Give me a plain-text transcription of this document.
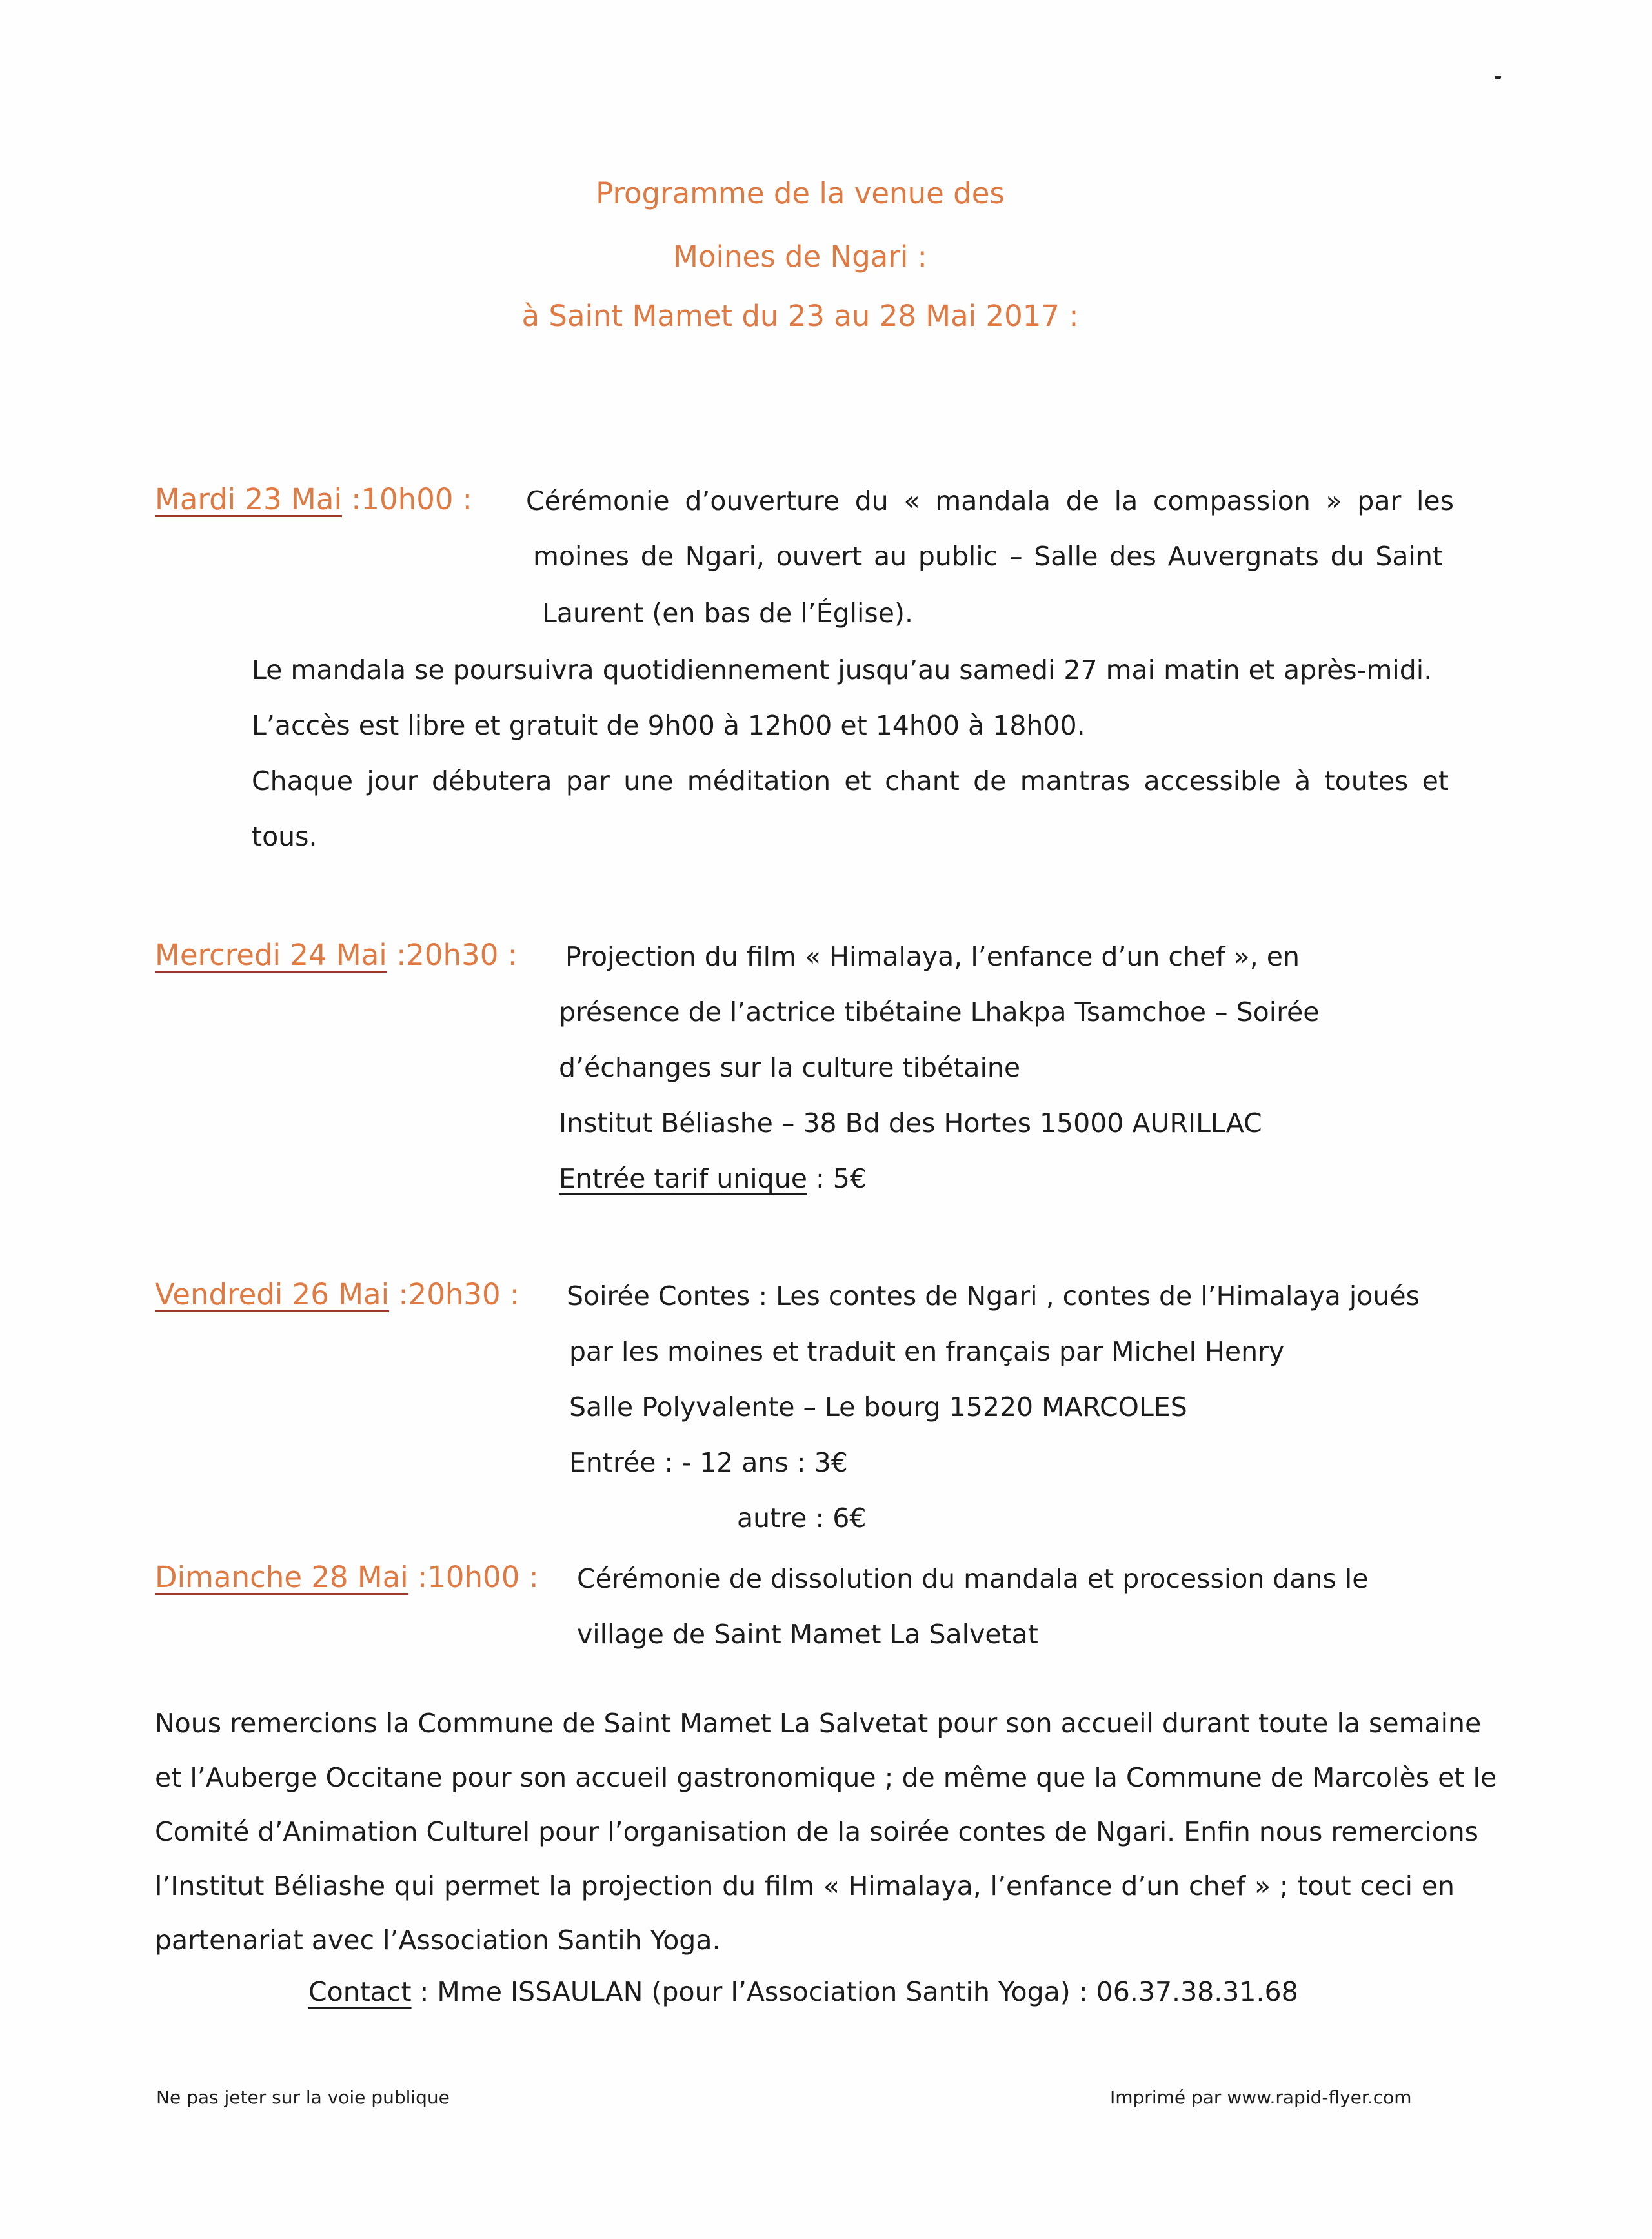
Programme de la venue des
Moines de Ngari :
à Saint Mamet du 23 au 28 Mai 2017 :
Mardi 23 Mai :10h00 : Cérémonie d’ouverture du « mandala de la compassion » par les
moines de Ngari, ouvert au public – Salle des Auvergnats du Saint
Laurent (en bas de l’Église).
Le mandala se poursuivra quotidiennement jusqu’au samedi 27 mai matin et après-midi.
L’accès est libre et gratuit de 9h00 à 12h00 et 14h00 à 18h00.
Chaque jour débutera par une méditation et chant de mantras accessible à toutes et
tous.
Mercredi 24 Mai :20h30 : Projection du film « Himalaya, l’enfance d’un chef », en
présence de l’actrice tibétaine Lhakpa Tsamchoe – Soirée
d’échanges sur la culture tibétaine
Institut Béliashe – 38 Bd des Hortes 15000 AURILLAC
Entrée tarif unique : 5€
Vendredi 26 Mai :20h30 : Soirée Contes : Les contes de Ngari , contes de l’Himalaya joués
par les moines et traduit en français par Michel Henry
Salle Polyvalente – Le bourg 15220 MARCOLES
Entrée : - 12 ans : 3€
autre : 6€
Dimanche 28 Mai :10h00 : Cérémonie de dissolution du mandala et procession dans le
village de Saint Mamet La Salvetat
Nous remercions la Commune de Saint Mamet La Salvetat pour son accueil durant toute la semaine
et l’Auberge Occitane pour son accueil gastronomique ; de même que la Commune de Marcolès et le
Comité d’Animation Culturel pour l’organisation de la soirée contes de Ngari. Enfin nous remercions
l’Institut Béliashe qui permet la projection du film « Himalaya, l’enfance d’un chef » ; tout ceci en
partenariat avec l’Association Santih Yoga.
Contact : Mme ISSAULAN (pour l’Association Santih Yoga) : 06.37.38.31.68
Ne pas jeter sur la voie publique	Imprimé par www.rapid-flyer.com
